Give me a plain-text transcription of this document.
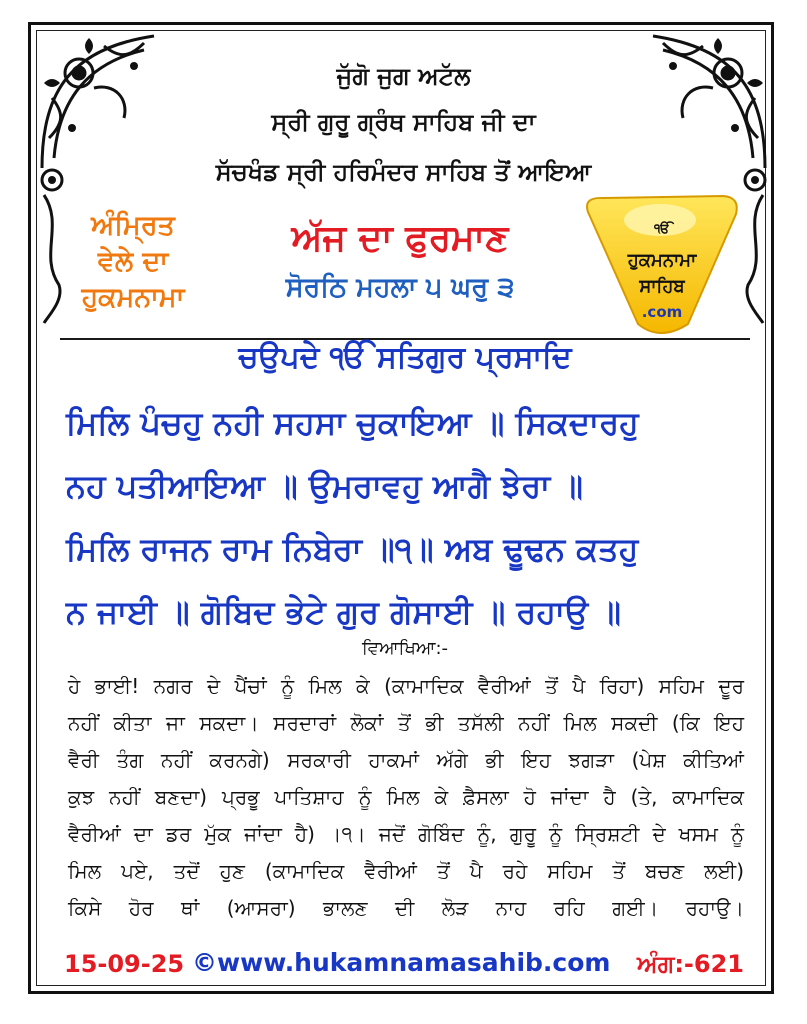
ਜੁੱਗੋ ਜੁਗ ਅਟੱਲ
ਸ੍ਰੀ ਗੁਰੂ ਗ੍ਰੰਥ ਸਾਹਿਬ ਜੀ ਦਾ
ਸੱਚਖੰਡ ਸ੍ਰੀ ਹਰਿਮੰਦਰ ਸਾਹਿਬ ਤੋਂ ਆਇਆ
ਅੰਮ੍ਰਿਤ
ਵੇਲੇ ਦਾ
ਹੁਕਮਨਾਮਾ
ਅੱਜ ਦਾ ਫੁਰਮਾਣ
ਸੋਰਠਿ ਮਹਲਾ ੫ ਘਰੁ ੩
ੴ
ਹੁਕਮਨਾਮਾ
ਸਾਹਿਬ
.com
ਚਉਪਦੇ ੴ ਸਤਿਗੁਰ ਪ੍ਰਸਾਦਿ
ਮਿਲਿ ਪੰਚਹੁ ਨਹੀ ਸਹਸਾ ਚੁਕਾਇਆ ॥ ਸਿਕਦਾਰਹੁ
ਨਹ ਪਤੀਆਇਆ ॥ ਉਮਰਾਵਹੁ ਆਗੈ ਝੇਰਾ ॥
ਮਿਲਿ ਰਾਜਨ ਰਾਮ ਨਿਬੇਰਾ ॥੧॥ ਅਬ ਢੂਢਨ ਕਤਹੁ
ਨ ਜਾਈ ॥ ਗੋਬਿਦ ਭੇਟੇ ਗੁਰ ਗੋਸਾਈ ॥ ਰਹਾਉ ॥
ਵਿਆਖਿਆ:-
ਹੇ ਭਾਈ! ਨਗਰ ਦੇ ਪੈਂਚਾਂ ਨੂੰ ਮਿਲ ਕੇ (ਕਾਮਾਦਿਕ ਵੈਰੀਆਂ ਤੋਂ ਪੈ ਰਿਹਾ) ਸਹਿਮ ਦੂਰ
ਨਹੀਂ ਕੀਤਾ ਜਾ ਸਕਦਾ। ਸਰਦਾਰਾਂ ਲੋਕਾਂ ਤੋਂ ਭੀ ਤਸੱਲੀ ਨਹੀਂ ਮਿਲ ਸਕਦੀ (ਕਿ ਇਹ
ਵੈਰੀ ਤੰਗ ਨਹੀਂ ਕਰਨਗੇ) ਸਰਕਾਰੀ ਹਾਕਮਾਂ ਅੱਗੇ ਭੀ ਇਹ ਝਗੜਾ (ਪੇਸ਼ ਕੀਤਿਆਂ
ਕੁਝ ਨਹੀਂ ਬਣਦਾ) ਪ੍ਰਭੂ ਪਾਤਿਸ਼ਾਹ ਨੂੰ ਮਿਲ ਕੇ ਫ਼ੈਸਲਾ ਹੋ ਜਾਂਦਾ ਹੈ (ਤੇ, ਕਾਮਾਦਿਕ
ਵੈਰੀਆਂ ਦਾ ਡਰ ਮੁੱਕ ਜਾਂਦਾ ਹੈ) ।੧। ਜਦੋਂ ਗੋਬਿੰਦ ਨੂੰ, ਗੁਰੂ ਨੂੰ ਸ੍ਰਿਸ਼ਟੀ ਦੇ ਖਸਮ ਨੂੰ
ਮਿਲ ਪਏ, ਤਦੋਂ ਹੁਣ (ਕਾਮਾਦਿਕ ਵੈਰੀਆਂ ਤੋਂ ਪੈ ਰਹੇ ਸਹਿਮ ਤੋਂ ਬਚਣ ਲਈ)
ਕਿਸੇ ਹੋਰ ਥਾਂ (ਆਸਰਾ) ਭਾਲਣ ਦੀ ਲੋੜ ਨਾਹ ਰਹਿ ਗਈ। ਰਹਾਉ।
15-09-25 ©www.hukamnamasahib.com ਅੰਗ:-621
